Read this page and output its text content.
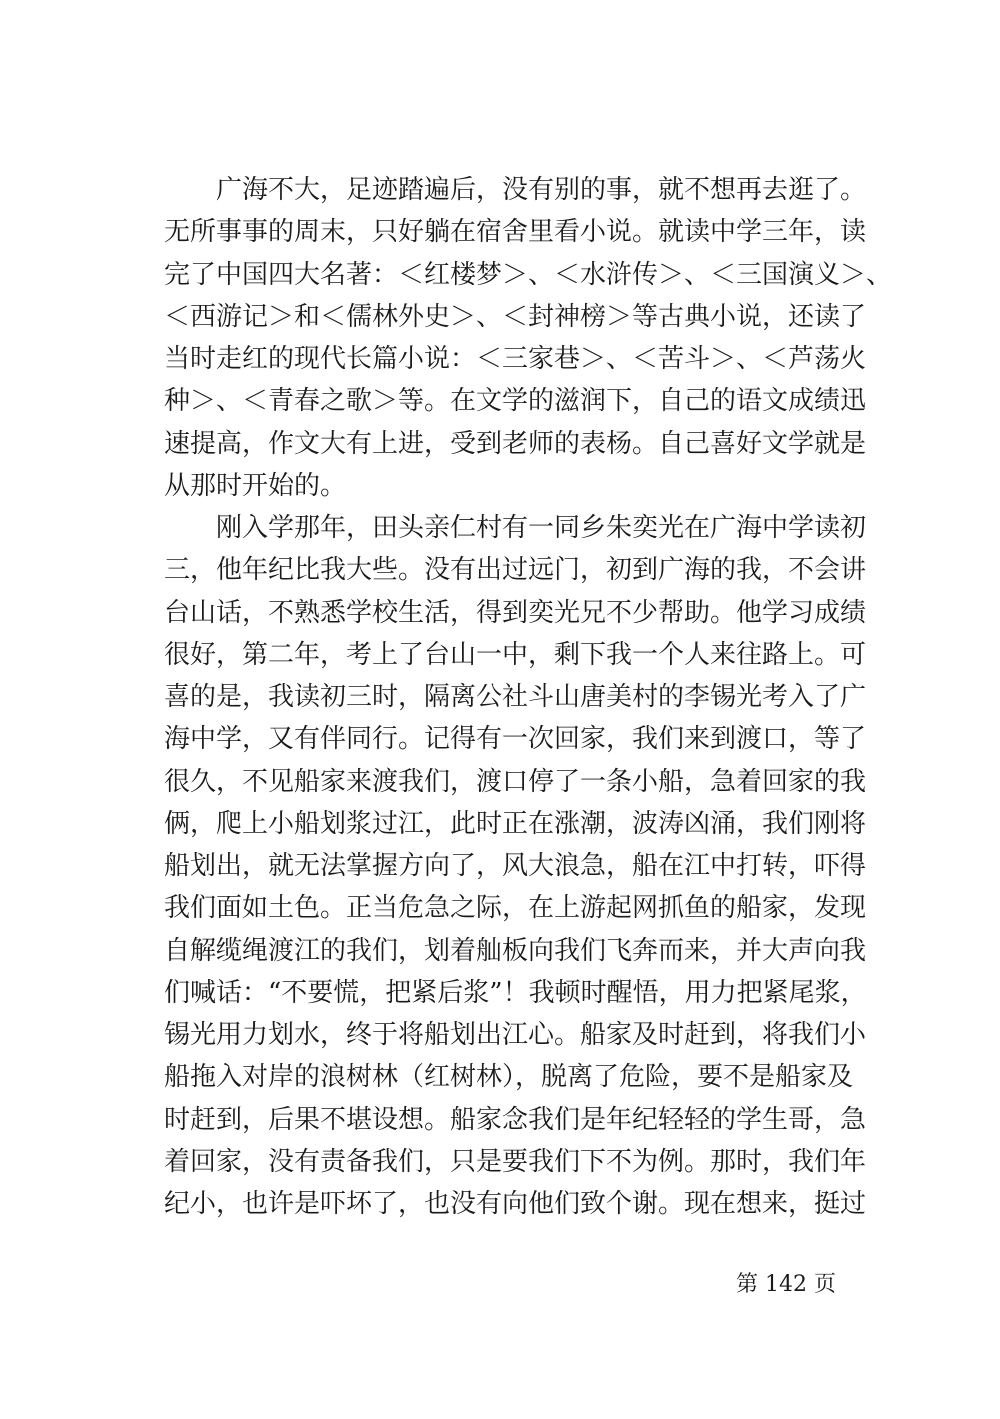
广海不大，足迹踏遍后，没有别的事，就不想再去逛了。
无所事事的周末，只好躺在宿舍里看小说。就读中学三年，读
完了中国四大名著：＜红楼梦＞、＜水浒传＞、＜三国演义＞、
＜西游记＞和＜儒林外史＞、＜封神榜＞等古典小说，还读了
当时走红的现代长篇小说：＜三家巷＞、＜苦斗＞、＜芦荡火
种＞、＜青春之歌＞等。在文学的滋润下，自己的语文成绩迅
速提高，作文大有上进，受到老师的表杨。自己喜好文学就是
从那时开始的。
刚入学那年，田头亲仁村有一同乡朱奕光在广海中学读初
三，他年纪比我大些。没有出过远门，初到广海的我，不会讲
台山话，不熟悉学校生活，得到奕光兄不少帮助。他学习成绩
很好，第二年，考上了台山一中，剩下我一个人来往路上。可
喜的是，我读初三时，隔离公社斗山唐美村的李锡光考入了广
海中学，又有伴同行。记得有一次回家，我们来到渡口，等了
很久，不见船家来渡我们，渡口停了一条小船，急着回家的我
俩，爬上小船划浆过江，此时正在涨潮，波涛凶涌，我们刚将
船划出，就无法掌握方向了，风大浪急，船在江中打转，吓得
我们面如土色。正当危急之际，在上游起网抓鱼的船家，发现
自解缆绳渡江的我们，划着舢板向我们飞奔而来，并大声向我
们喊话：“不要慌，把紧后浆”！我顿时醒悟，用力把紧尾浆，
锡光用力划水，终于将船划出江心。船家及时赶到，将我们小
船拖入对岸的浪树林（红树林），脱离了危险，要不是船家及
时赶到，后果不堪设想。船家念我们是年纪轻轻的学生哥，急
着回家，没有责备我们，只是要我们下不为例。那时，我们年
纪小，也许是吓坏了，也没有向他们致个谢。现在想来，挺过
第 142 页
